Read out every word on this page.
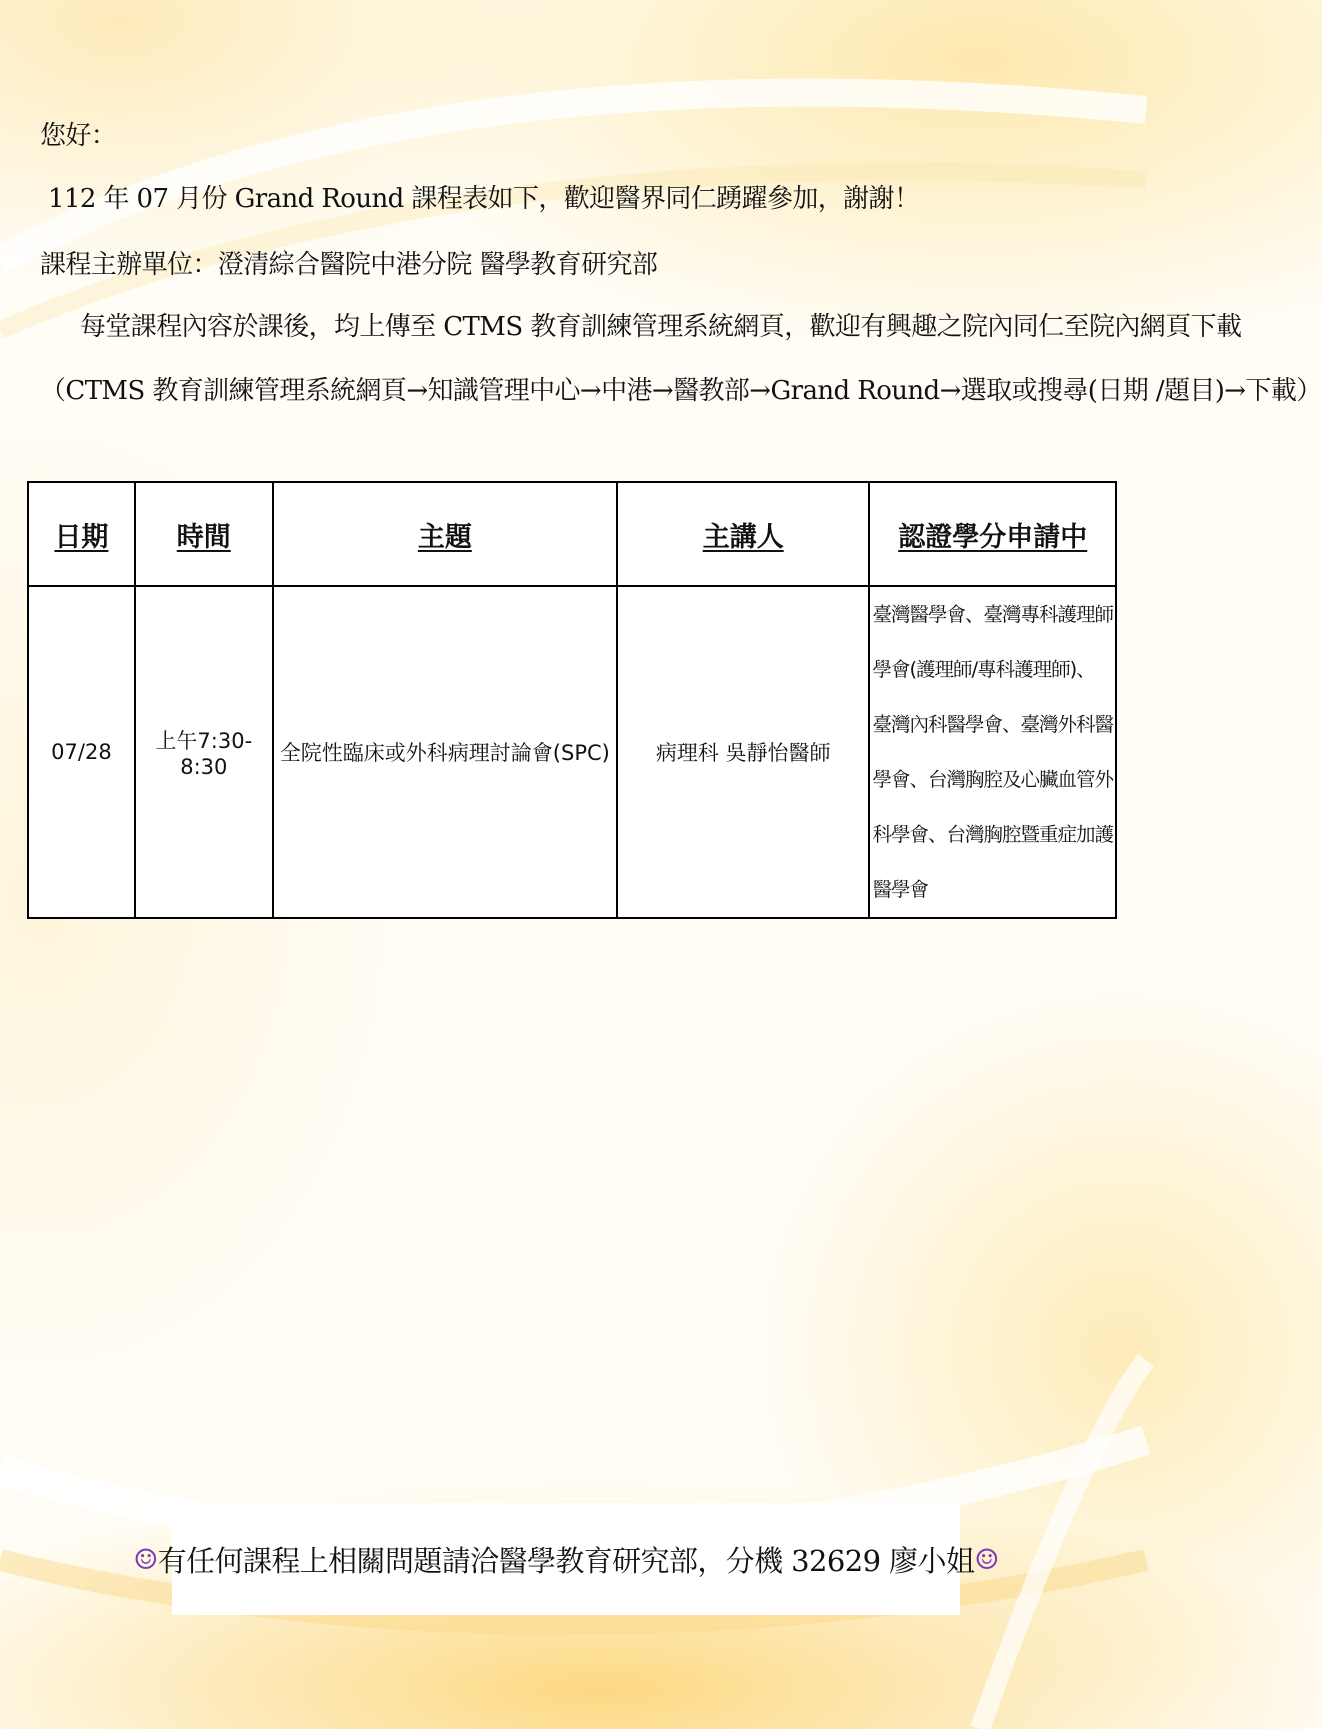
您好：
112 年 07 月份 Grand Round 課程表如下，歡迎醫界同仁踴躍參加，謝謝！
課程主辦單位：澄清綜合醫院中港分院 醫學教育研究部
每堂課程內容於課後，均上傳至 CTMS 教育訓練管理系統網頁，歡迎有興趣之院內同仁至院內網頁下載
（CTMS 教育訓練管理系統網頁→知識管理中心→中港→醫教部→Grand Round→選取或搜尋(日期 /題目)→下載）
日期	時間	主題	主講人	認證學分申請中
07/28	上午7:30-8:30	全院性臨床或外科病理討論會(SPC)	病理科 吳靜怡醫師	臺灣醫學會、臺灣專科護理師學會(護理師/專科護理師)、臺灣內科醫學會、臺灣外科醫學會、台灣胸腔及心臟血管外科學會、台灣胸腔暨重症加護醫學會
☺ 有任何課程上相關問題請洽醫學教育研究部，分機 32629 廖小姐 ☺
